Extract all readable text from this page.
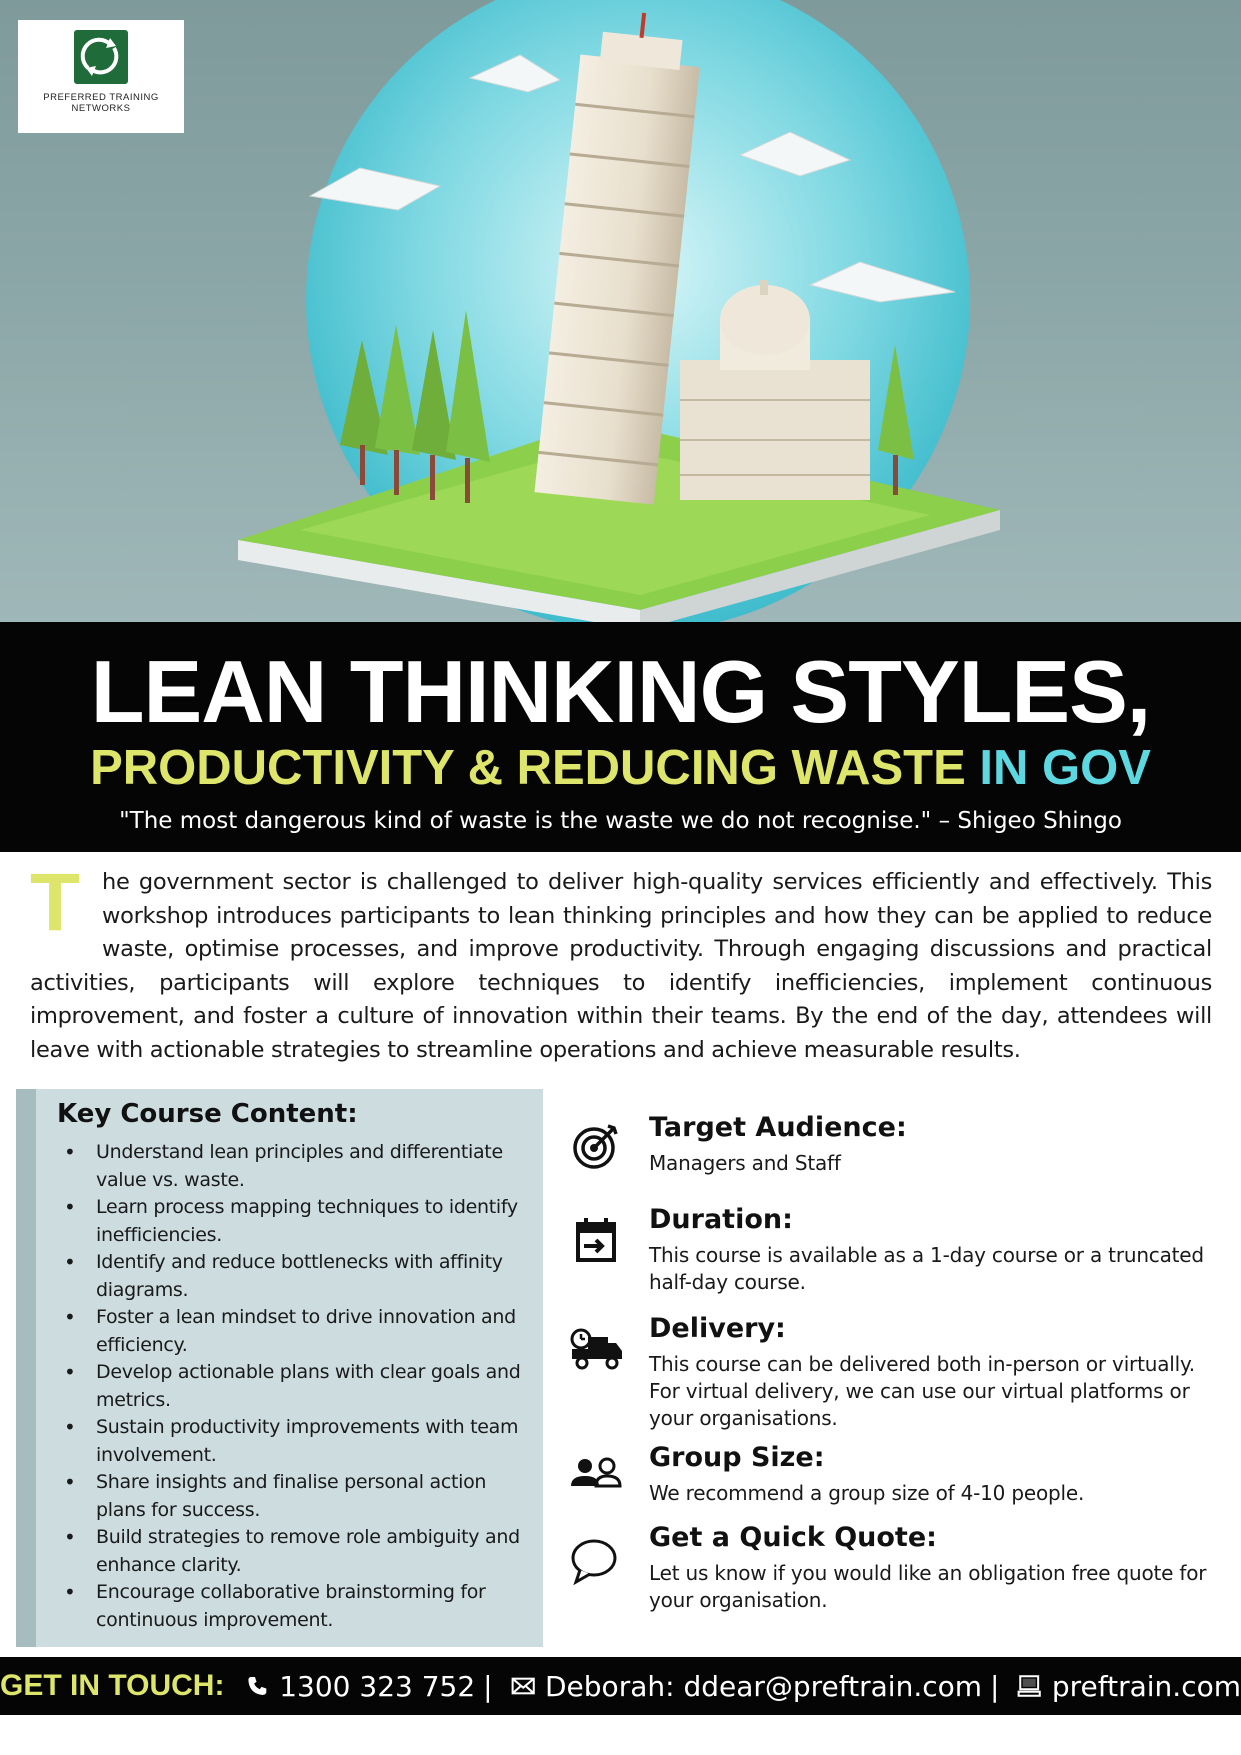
PREFERRED TRAINING NETWORKS
LEAN THINKING STYLES,
PRODUCTIVITY & REDUCING WASTE IN GOV
"The most dangerous kind of waste is the waste we do not recognise." – Shigeo Shingo
T he government sector is challenged to deliver high-quality services efficiently and effectively. This workshop introduces participants to lean thinking principles and how they can be applied to reduce waste, optimise processes, and improve productivity. Through engaging discussions and practical activities, participants will explore techniques to identify inefficiencies, implement continuous improvement, and foster a culture of innovation within their teams. By the end of the day, attendees will leave with actionable strategies to streamline operations and achieve measurable results.
Key Course Content:
• Understand lean principles and differentiate value vs. waste.
• Learn process mapping techniques to identify inefficiencies.
• Identify and reduce bottlenecks with affinity diagrams.
• Foster a lean mindset to drive innovation and efficiency.
• Develop actionable plans with clear goals and metrics.
• Sustain productivity improvements with team involvement.
• Share insights and finalise personal action plans for success.
• Build strategies to remove role ambiguity and enhance clarity.
• Encourage collaborative brainstorming for continuous improvement.
Target Audience:

Managers and Staff

Duration:

This course is available as a 1-day course or a truncated half-day course.

Delivery:

This course can be delivered both in-person or virtually. For virtual delivery, we can use our virtual platforms or your organisations.

Group Size:

We recommend a group size of 4-10 people.

Get a Quick Quote:

Let us know if you would like an obligation free quote for your organisation.

GET IN TOUCH: 1300 323 752 | Deborah: ddear@preftrain.com | preftrain.com
